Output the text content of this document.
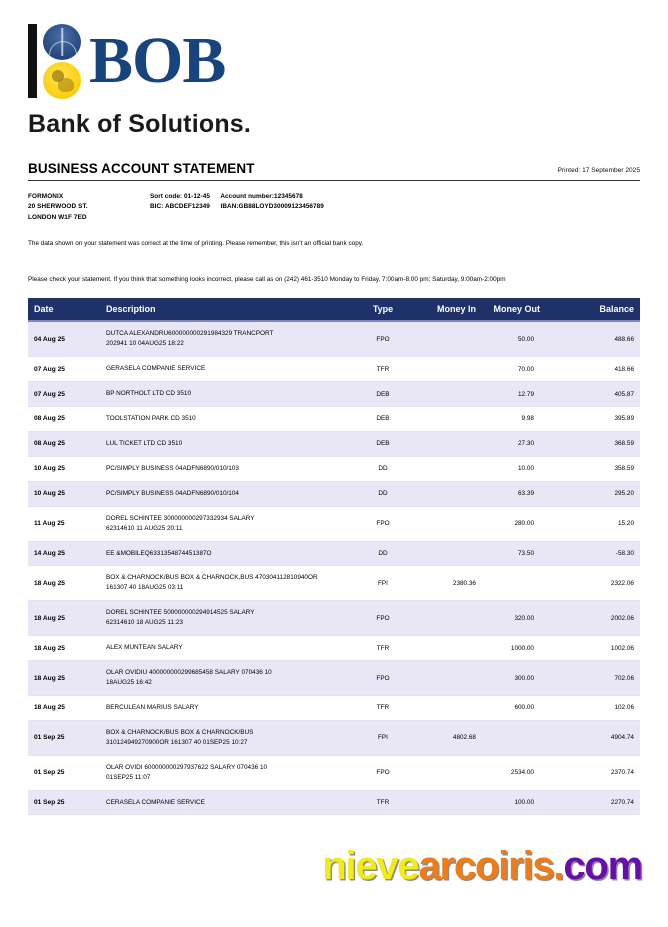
BOB
Bank of Solutions.
BUSINESS ACCOUNT STATEMENT	Printed: 17 September 2025
FORMONIX
20 SHERWOOD ST.
LONDON W1F 7ED
Sort code: 01-12-45 Account number:12345678
BIC: ABCDEF12349 IBAN:GB88LOYD30009123456789
The data shown on your statement was correct at the time of printing. Please remember, this isn't an official bank copy.
Please check your statement. If you think that something looks incorrect, please call as on (242) 461-3510 Monday to Friday, 7:00am-8:00 pm; Saturday, 9:00am-2:00pm
Date	Description	Type	Money In	Money Out	Balance
04 Aug 25	DUTCA ALEXANDRU600000000291984329 TRANCPORT
202941 10 04AUG25 18:22	FPO		50.00	488.66
07 Aug 25	GERASELA COMPANIE SERVICE	TFR		70.00	418.66
07 Aug 25	BP NORTHOLT LTD CD 3510	DEB		12.79	405.87
08 Aug 25	TOOLSTATION PARK CD 3510	DEB		9.98	395.89
08 Aug 25	LUL TICKET LTD CD 3510	DEB		27.30	368.59
10 Aug 25	PC/SIMPLY BUSINESS 04ADFN6890/010/103	DD		10.00	358.59
10 Aug 25	PC/SIMPLY BUSINESS 04ADFN6890/010/104	DD		63.39	295.20
11 Aug 25	DOREL SCHINTEE 300000000297332934 SALARY
62314610 11 AUG25 20:11	FPO		280.00	15.20
14 Aug 25	EE &MOBILEQ6331354874451387O	DD		73.50	-58.30
18 Aug 25	BOX & CHARNOCK/BUS BOX & CHARNOCK,BUS 470304112810940OR
161307 40 18AUG25 03:11	FPI	2380.36		2322.06
18 Aug 25	DOREL SCHINTEE 500000000294914525 SALARY
62314610 18 AUG25 11:23	FPO		320.00	2002.06
18 Aug 25	ALEX MUNTEAN SALARY	TFR		1000.00	1002.06
18 Aug 25	OLAR OVIDIU 400000000299685458 SALARY 070436 10
18AUG25 16:42	FPO		300.00	702.06
18 Aug 25	BERCULEAN MARIUS SALARY	TFR		600.00	102.06
01 Sep 25	BOX & CHARNOCK/BUS BOX & CHARNOCK/BUS
310124949270900OR 161307 40 01SEP25 10:27	FPI	4802.68		4904.74
01 Sep 25	OLAR OVIDI 600000000297937622 SALARY 070436 10
01SEP25 11:07	FPO		2534.00	2370.74
01 Sep 25	CERASELA COMPANIE SERVICE	TFR		100.00	2270.74
nievearcoiris.com
